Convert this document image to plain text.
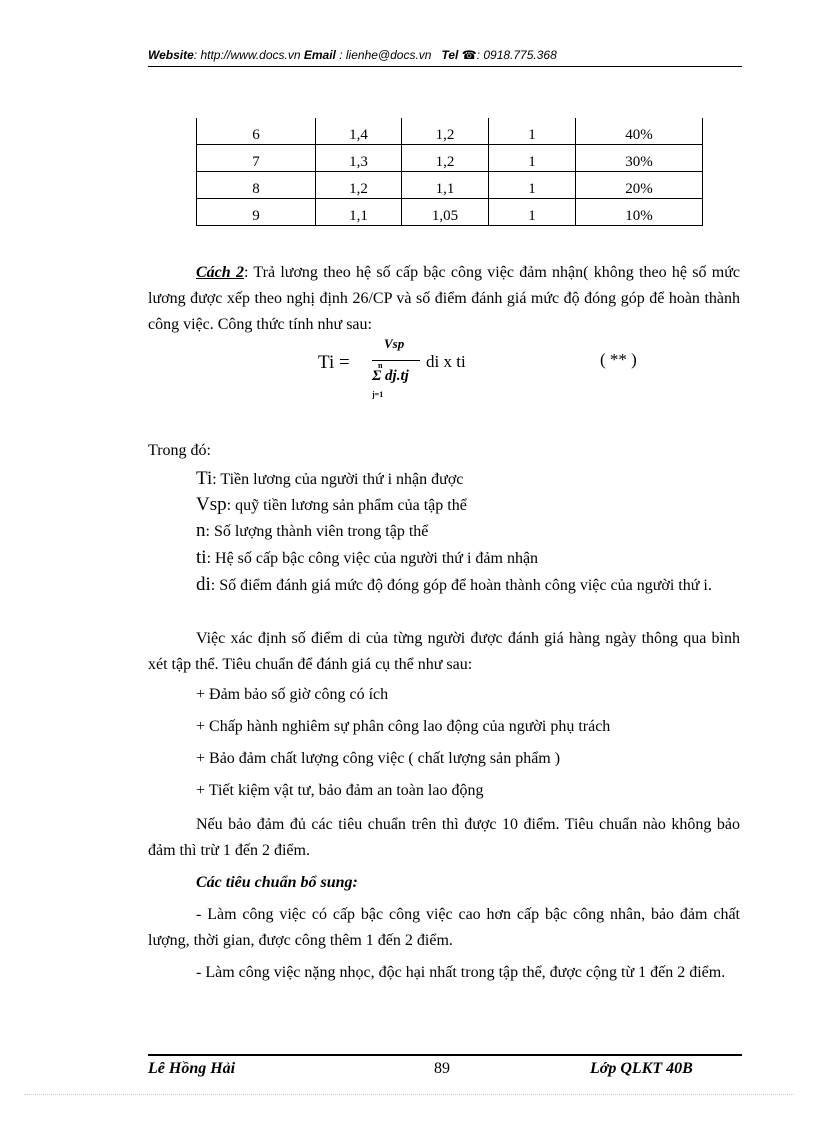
Website: http://www.docs.vn Email : lienhe@docs.vn Tel ☎: 0918.775.368
6	1,4	1,2	1	40%
7	1,3	1,2	1	30%
8	1,2	1,1	1	20%
9	1,1	1,05	1	10%
Cách 2: Trả lương theo hệ số cấp bậc công việc đảm nhận( không theo hệ số mức lương được xếp theo nghị định 26/CP và số điểm đánh giá mức độ đóng góp để hoàn thành công việc. Công thức tính như sau:
Ti =
Vsp
n
Σ dj.tj
j=1
di x ti	( ** )
Trong đó:
Ti: Tiền lương của người thứ i nhận được
Vsp: quỹ tiền lương sản phẩm của tập thể
n: Số lượng thành viên trong tập thể
ti: Hệ số cấp bậc công việc của người thứ i đảm nhận
di: Số điểm đánh giá mức độ đóng góp để hoàn thành công việc của người thứ i.
Việc xác định số điểm di của từng người được đánh giá hàng ngày thông qua bình xét tập thể. Tiêu chuẩn để đánh giá cụ thể như sau:
+ Đảm bảo số giờ công có ích
+ Chấp hành nghiêm sự phân công lao động của người phụ trách
+ Bảo đảm chất lượng công việc ( chất lượng sản phẩm )
+ Tiết kiệm vật tư, bảo đảm an toàn lao động
Nếu bảo đảm đủ các tiêu chuẩn trên thì được 10 điểm. Tiêu chuẩn nào không bảo đảm thì trừ 1 đến 2 điểm.
Các tiêu chuẩn bổ sung:
- Làm công việc có cấp bậc công việc cao hơn cấp bậc công nhân, bảo đảm chất lượng, thời gian, được công thêm 1 đến 2 điểm.
- Làm công việc nặng nhọc, độc hại nhất trong tập thể, được cộng từ 1 đến 2 điểm.
Lê Hồng Hải	89	Lớp QLKT 40B
